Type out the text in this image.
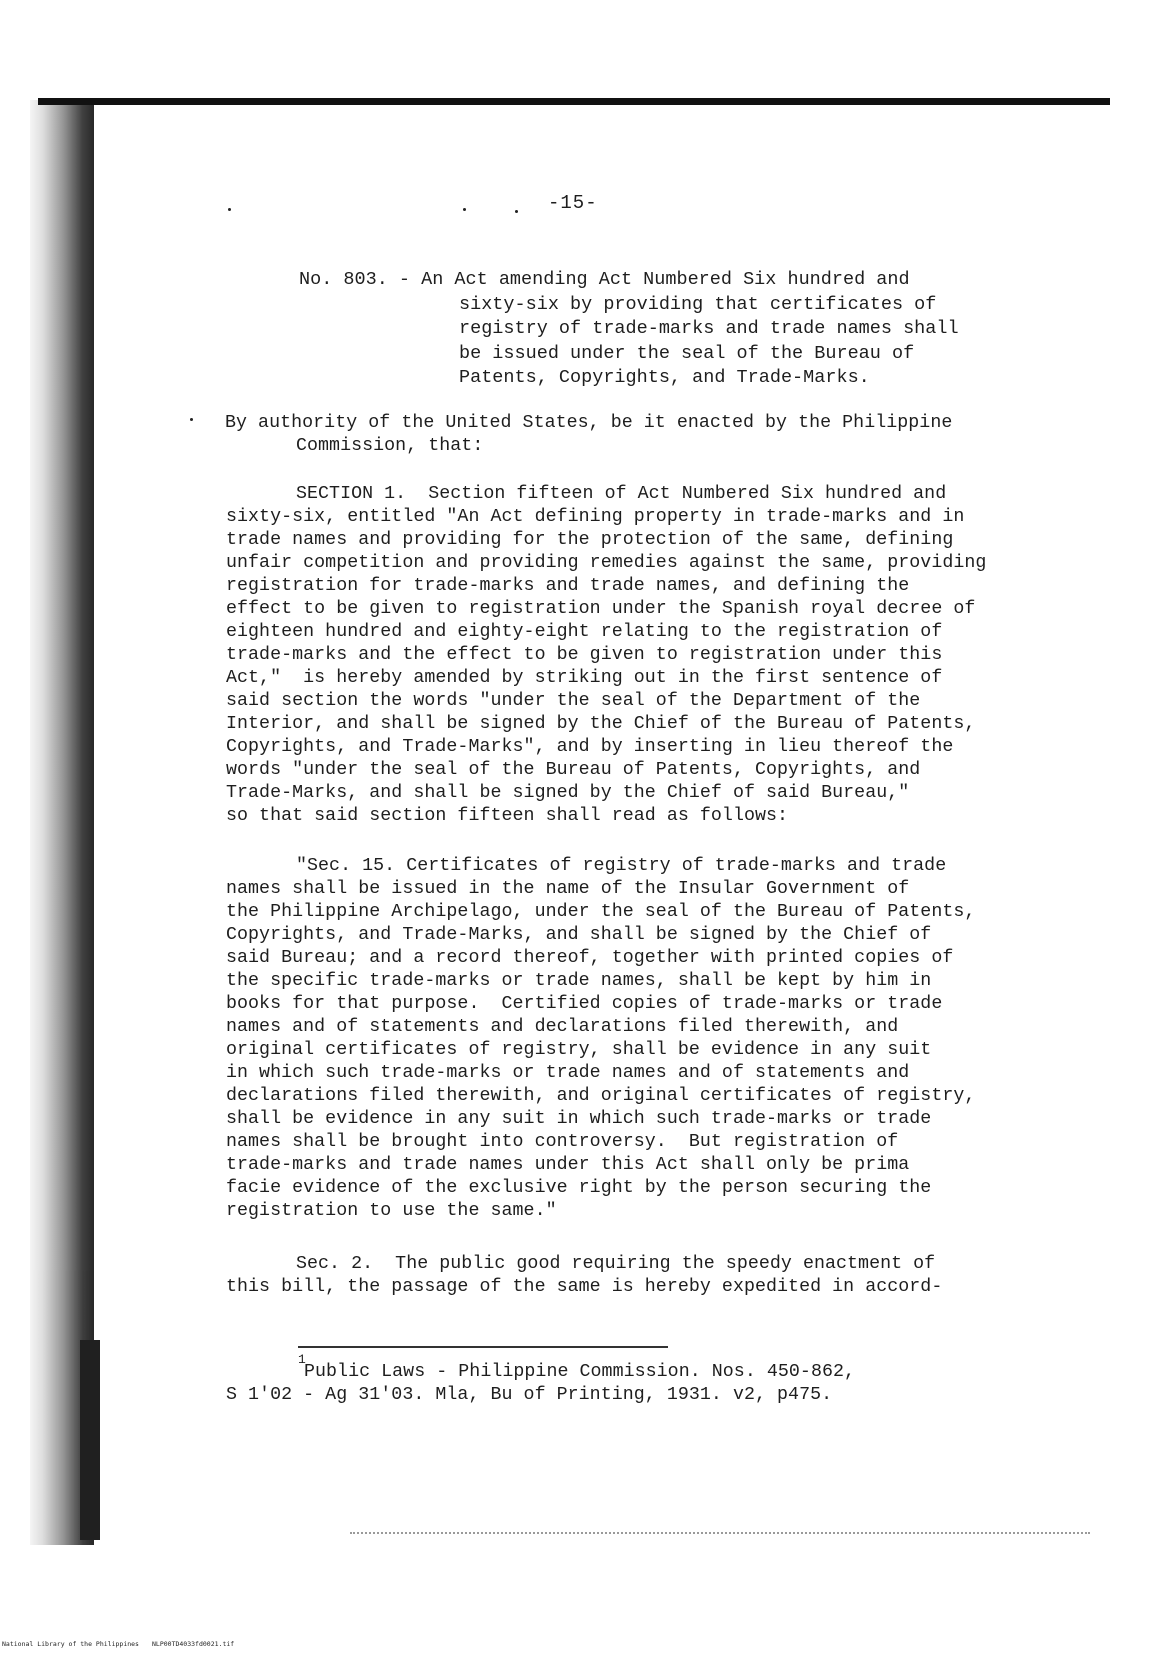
-15-
No. 803. - An Act amending Act Numbered Six hundred and
sixty-six by providing that certificates of
registry of trade-marks and trade names shall
be issued under the seal of the Bureau of
Patents, Copyrights, and Trade-Marks.
By authority of the United States, be it enacted by the Philippine
Commission, that:
SECTION 1.  Section fifteen of Act Numbered Six hundred and
sixty-six, entitled "An Act defining property in trade-marks and in
trade names and providing for the protection of the same, defining
unfair competition and providing remedies against the same, providing
registration for trade-marks and trade names, and defining the
effect to be given to registration under the Spanish royal decree of
eighteen hundred and eighty-eight relating to the registration of
trade-marks and the effect to be given to registration under this
Act,"  is hereby amended by striking out in the first sentence of
said section the words "under the seal of the Department of the
Interior, and shall be signed by the Chief of the Bureau of Patents,
Copyrights, and Trade-Marks", and by inserting in lieu thereof the
words "under the seal of the Bureau of Patents, Copyrights, and
Trade-Marks, and shall be signed by the Chief of said Bureau,"
so that said section fifteen shall read as follows:
"Sec. 15. Certificates of registry of trade-marks and trade
names shall be issued in the name of the Insular Government of
the Philippine Archipelago, under the seal of the Bureau of Patents,
Copyrights, and Trade-Marks, and shall be signed by the Chief of
said Bureau; and a record thereof, together with printed copies of
the specific trade-marks or trade names, shall be kept by him in
books for that purpose.  Certified copies of trade-marks or trade
names and of statements and declarations filed therewith, and
original certificates of registry, shall be evidence in any suit
in which such trade-marks or trade names and of statements and
declarations filed therewith, and original certificates of registry,
shall be evidence in any suit in which such trade-marks or trade
names shall be brought into controversy.  But registration of
trade-marks and trade names under this Act shall only be prima
facie evidence of the exclusive right by the person securing the
registration to use the same."
Sec. 2.  The public good requiring the speedy enactment of
this bill, the passage of the same is hereby expedited in accord-
1
Public Laws - Philippine Commission. Nos. 450-862,
S 1'02 - Ag 31'03. Mla, Bu of Printing, 1931. v2, p475.
National Library of the Philippines NLP00TD4033fd0021.tif
